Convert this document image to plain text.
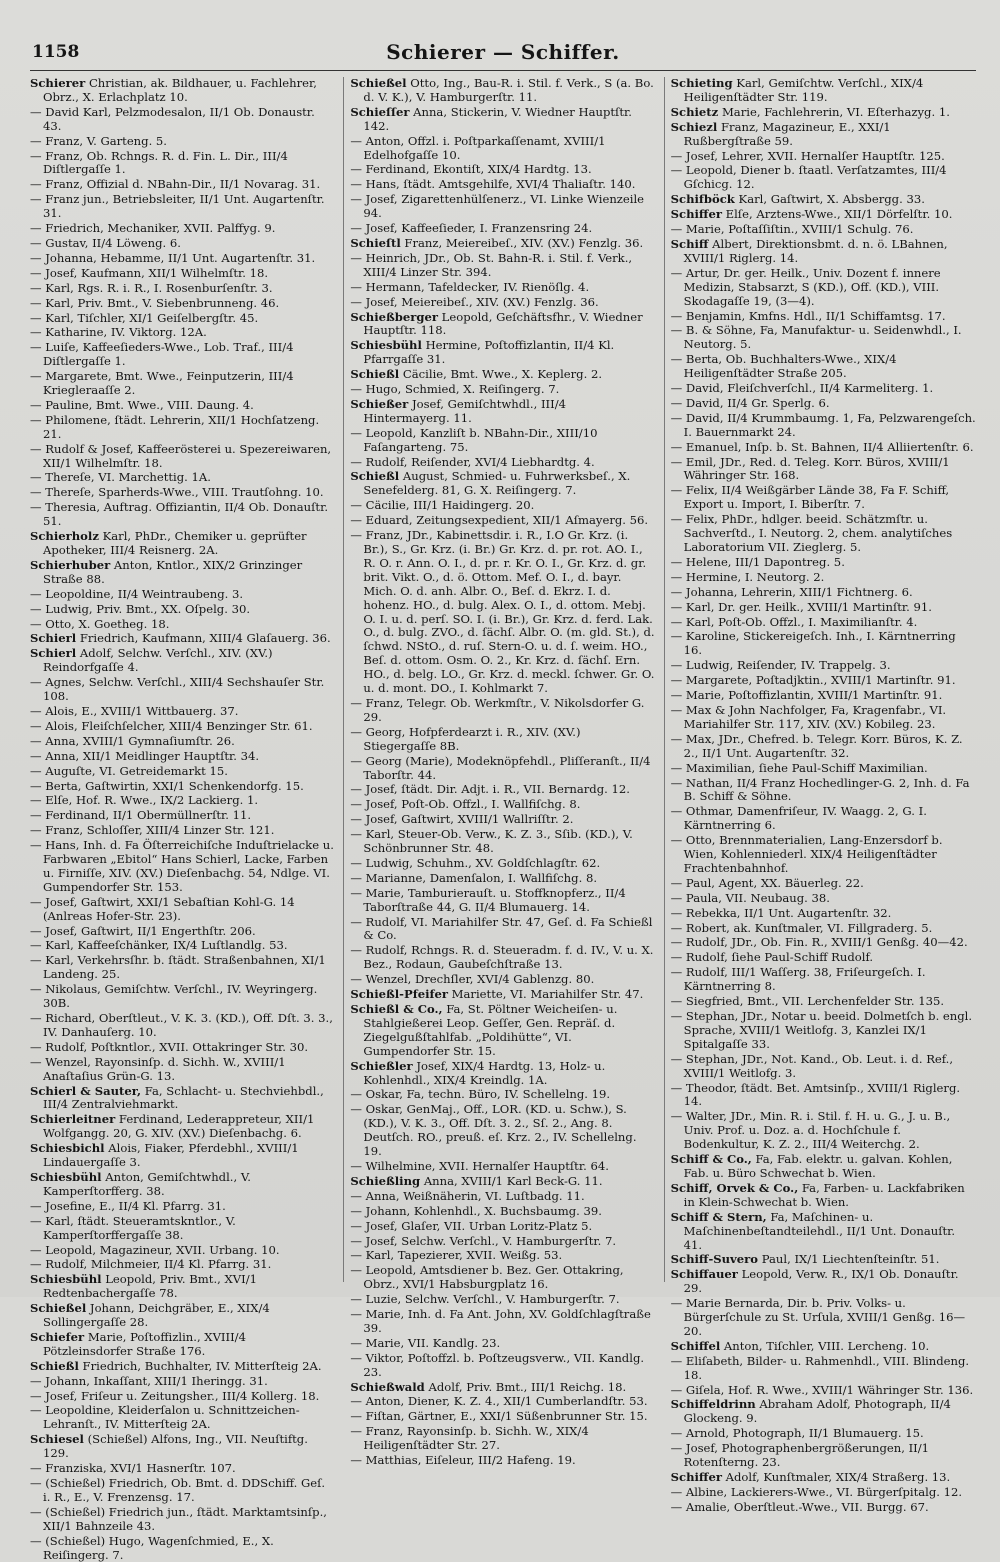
1158	Schierer — Schiffer.

Schierer Christian, ak. Bildhauer, u. Fachlehrer, Obrz., X. Erlachplatz 10.

— David Karl, Pelzmodesalon, II/1 Ob. Donaustr. 43.

— Franz, V. Garteng. 5.

— Franz, Ob. Rchngs. R. d. Fin. L. Dir., III/4 Diſtlergaſſe 1.

— Franz, Offizial d. NBahn-Dir., II/1 Novarag. 31.

— Franz jun., Betriebsleiter, II/1 Unt. Augartenſtr. 31.

— Friedrich, Mechaniker, XVII. Palffyg. 9.

— Gustav, II/4 Löweng. 6.

— Johanna, Hebamme, II/1 Unt. Augartenſtr. 31.

— Josef, Kaufmann, XII/1 Wilhelmſtr. 18.

— Karl, Rgs. R. i. R., I. Rosenburſenſtr. 3.

— Karl, Priv. Bmt., V. Siebenbrunneng. 46.

— Karl, Tiſchler, XI/1 Geiſelbergſtr. 45.

— Katharine, IV. Viktorg. 12A.

— Luiſe, Kaffeeſieders-Wwe., Lob. Traf., III/4 Diſtlergaſſe 1.

— Margarete, Bmt. Wwe., Feinputzerin, III/4 Kriegleraaſſe 2.

— Pauline, Bmt. Wwe., VIII. Daung. 4.

— Philomene, ſtädt. Lehrerin, XII/1 Hochſatzeng. 21.

— Rudolf & Josef, Kaffeerösterei u. Spezereiwaren, XII/1 Wilhelmſtr. 18.

— Thereſe, VI. Marchettig. 1A.

— Thereſe, Sparherds-Wwe., VIII. Trautſohng. 10.

— Theresia, Auftrag. Offiziantin, II/4 Ob. Donauſtr. 51.

Schierholz Karl, PhDr., Chemiker u. geprüfter Apotheker, III/4 Reisnerg. 2A.

Schierhuber Anton, Kntlor., XIX/2 Grinzinger Straße 88.

— Leopoldine, II/4 Weintraubeng. 3.

— Ludwig, Priv. Bmt., XX. Oſpelg. 30.

— Otto, X. Goetheg. 18.

Schierl Friedrich, Kaufmann, XIII/4 Glaſauerg. 36.

Schierl Adolf, Selchw. Verſchl., XIV. (XV.) Reindorfgaſſe 4.

— Agnes, Selchw. Verſchl., XIII/4 Sechshauſer Str. 108.

— Alois, E., XVIII/1 Wittbauerg. 37.

— Alois, Fleiſchſelcher, XIII/4 Benzinger Str. 61.

— Anna, XVIII/1 Gymnaſiumſtr. 26.

— Anna, XII/1 Meidlinger Hauptſtr. 34.

— Auguſte, VI. Getreidemarkt 15.

— Berta, Gaſtwirtin, XXI/1 Schenkendorfg. 15.

— Elſe, Hof. R. Wwe., IX/2 Lackierg. 1.

— Ferdinand, II/1 Obermüllnerſtr. 11.

— Franz, Schloſſer, XIII/4 Linzer Str. 121.

— Hans, Inh. d. Fa Öſterreichiſche Induſtrielacke u. Farbwaren „Ebitol“ Hans Schierl, Lacke, Farben u. Firniſſe, XIV. (XV.) Dieſenbachg. 54, Ndlge. VI. Gumpendorfer Str. 153.

— Josef, Gaſtwirt, XXI/1 Sebaſtian Kohl-G. 14 (Anlreas Hofer-Str. 23).

— Josef, Gaſtwirt, II/1 Engerthſtr. 206.

— Karl, Kaffeeſchänker, IX/4 Luſtlandlg. 53.

— Karl, Verkehrsſhr. b. ſtädt. Straßenbahnen, XI/1 Landeng. 25.

— Nikolaus, Gemiſchtw. Verſchl., IV. Weyringerg. 30B.

— Richard, Oberſtleut., V. K. 3. (KD.), Off. Dſt. 3. 3., IV. Danhauſerg. 10.

— Rudolf, Poſtkntlor., XVII. Ottakringer Str. 30.

— Wenzel, Rayonsinſp. d. Sichh. W., XVIII/1 Anaſtaſius Grün-G. 13.

Schierl & Sauter, Fa, Schlacht- u. Stechviehbdl., III/4 Zentralviehmarkt.

Schierleitner Ferdinand, Lederappreteur, XII/1 Wolfgangg. 20, G. XIV. (XV.) Dieſenbachg. 6.

Schiesbichl Alois, Fiaker, Pferdebhl., XVIII/1 Lindauergaſſe 3.

Schiesbühl Anton, Gemiſchtwhdl., V. Kamperſtorfferg. 38.

— Josefine, E., II/4 Kl. Pfarrg. 31.

— Karl, ſtädt. Steueramtskntlor., V. Kamperſtorffergaſſe 38.

— Leopold, Magazineur, XVII. Urbang. 10.

— Rudolf, Milchmeier, II/4 Kl. Pfarrg. 31.

Schiesbühl Leopold, Priv. Bmt., XVI/1 Redtenbachergaſſe 78.

Schießel Johann, Deichgräber, E., XIX/4 Sollingergaſſe 28.

Schiefer Marie, Poſtoffizlin., XVIII/4 Pötzleinsdorfer Straße 176.

Schießl Friedrich, Buchhalter, IV. Mitterſteig 2A.

— Johann, Inkaſſant, XIII/1 Iheringg. 31.

— Josef, Friſeur u. Zeitungsher., III/4 Kollerg. 18.

— Leopoldine, Kleiderſalon u. Schnittzeichen-Lehranſt., IV. Mitterſteig 2A.

Schiesel (Schießel) Alfons, Ing., VII. Neuſtiftg. 129.

— Franziska, XVI/1 Hasnerſtr. 107.

— (Schießel) Friedrich, Ob. Bmt. d. DDSchiff. Geſ. i. R., E., V. Frenzensg. 17.

— (Schießel) Friedrich jun., ſtädt. Marktamtsinſp., XII/1 Bahnzeile 43.

— (Schießel) Hugo, Wagenſchmied, E., X. Reiſingerg. 7.

Schießel Otto, Ing., Bau-R. i. Stil. f. Verk., S (a. Bo. d. V. K.), V. Hamburgerſtr. 11.

Schieſſer Anna, Stickerin, V. Wiedner Hauptſtr. 142.

— Anton, Offzl. i. Poſtparkaſſenamt, XVIII/1 Edelhofgaſſe 10.

— Ferdinand, Ekontiſt, XIX/4 Hardtg. 13.

— Hans, ſtädt. Amtsgehilfe, XVI/4 Thaliaſtr. 140.

— Josef, Zigarettenhülſenerz., VI. Linke Wienzeile 94.

— Josef, Kaffeeſieder, I. Franzensring 24.

Schieſtl Franz, Meiereibeſ., XIV. (XV.) Fenzlg. 36.

— Heinrich, JDr., Ob. St. Bahn-R. i. Stil. f. Verk., XIII/4 Linzer Str. 394.

— Hermann, Tafeldecker, IV. Rienöſlg. 4.

— Josef, Meiereibeſ., XIV. (XV.) Fenzlg. 36.

Schießberger Leopold, Geſchäftsfhr., V. Wiedner Hauptſtr. 118.

Schiesbühl Hermine, Poſtoffizlantin, II/4 Kl. Pfarrgaſſe 31.

Schießl Cäcilie, Bmt. Wwe., X. Keplerg. 2.

— Hugo, Schmied, X. Reiſingerg. 7.

Schießer Josef, Gemiſchtwhdl., III/4 Hintermayerg. 11.

— Leopold, Kanzliſt b. NBahn-Dir., XIII/10 Faſangarteng. 75.

— Rudolf, Reiſender, XVI/4 Liebhardtg. 4.

Schießl August, Schmied- u. Fuhrwerksbeſ., X. Senefelderg. 81, G. X. Reiſingerg. 7.

— Cäcilie, III/1 Haidingerg. 20.

— Eduard, Zeitungsexpedient, XII/1 Aſmayerg. 56.

— Franz, JDr., Kabinettsdir. i. R., I.O Gr. Krz. (i. Br.), S., Gr. Krz. (i. Br.) Gr. Krz. d. pr. rot. AO. I., R. O. r. Ann. O. I., d. pr. r. Kr. O. I., Gr. Krz. d. gr. brit. Vikt. O., d. ö. Ottom. Mef. O. I., d. bayr. Mich. O. d. anh. Albr. O., Beſ. d. Ekrz. I. d. hohenz. HO., d. bulg. Alex. O. I., d. ottom. Mebj. O. I. u. d. perſ. SO. I. (i. Br.), Gr. Krz. d. ferd. Lak. O., d. bulg. ZVO., d. ſächſ. Albr. O. (m. gld. St.), d. ſchwd. NStO., d. ruſ. Stern-O. u. d. ſ. weim. HO., Beſ. d. ottom. Osm. O. 2., Kr. Krz. d. ſächſ. Ern. HO., d. belg. LO., Gr. Krz. d. meckl. ſchwer. Gr. O. u. d. mont. DO., I. Kohlmarkt 7.

— Franz, Telegr. Ob. Werkmſtr., V. Nikolsdorfer G. 29.

— Georg, Hofpferdearzt i. R., XIV. (XV.) Stiegergaſſe 8B.

— Georg (Marie), Modeknöpfehdl., Pliſſeranſt., II/4 Taborſtr. 44.

— Josef, ſtädt. Dir. Adjt. i. R., VII. Bernardg. 12.

— Josef, Poſt-Ob. Offzl., I. Wallfiſchg. 8.

— Josef, Gaſtwirt, XVIII/1 Wallriſſtr. 2.

— Karl, Steuer-Ob. Verw., K. Z. 3., Sſib. (KD.), V. Schönbrunner Str. 48.

— Ludwig, Schuhm., XV. Goldſchlagſtr. 62.

— Marianne, Damenſalon, I. Wallfiſchg. 8.

— Marie, Tamburierauſt. u. Stoffknopferz., II/4 Taborſtraße 44, G. II/4 Blumauerg. 14.

— Rudolf, VI. Mariahilfer Str. 47, Geſ. d. Fa Schießl & Co.

— Rudolf, Rchngs. R. d. Steueradm. f. d. IV., V. u. X. Bez., Rodaun, Gaubeſchſtraße 13.

— Wenzel, Drechſler, XVI/4 Gablenzg. 80.

Schießl-Pfeifer Mariette, VI. Mariahilfer Str. 47.

Schießl & Co., Fa, St. Pöltner Weicheiſen- u. Stahlgießerei Leop. Geſſer, Gen. Repräſ. d. Ziegelgußſtahlfab. „Poldihütte“, VI. Gumpendorfer Str. 15.

Schießler Josef, XIX/4 Hardtg. 13, Holz- u. Kohlenhdl., XIX/4 Kreindlg. 1A.

— Oskar, Fa, techn. Büro, IV. Schellelng. 19.

— Oskar, GenMaj., Off., LOR. (KD. u. Schw.), S. (KD.), V. K. 3., Off. Dſt. 3. 2., Sſ. 2., Ang. 8. Deutſch. RO., preuß. eſ. Krz. 2., IV. Schellelng. 19.

— Wilhelmine, XVII. Hernalſer Hauptſtr. 64.

Schießling Anna, XVIII/1 Karl Beck-G. 11.

— Anna, Weißnäherin, VI. Luſtbadg. 11.

— Johann, Kohlenhdl., X. Buchsbaumg. 39.

— Josef, Glaſer, VII. Urban Loritz-Platz 5.

— Josef, Selchw. Verſchl., V. Hamburgerſtr. 7.

— Karl, Tapezierer, XVII. Weißg. 53.

— Leopold, Amtsdiener b. Bez. Ger. Ottakring, Obrz., XVI/1 Habsburgplatz 16.

— Luzie, Selchw. Verſchl., V. Hamburgerſtr. 7.

— Marie, Inh. d. Fa Ant. John, XV. Goldſchlagſtraße 39.

— Marie, VII. Kandlg. 23.

— Viktor, Poſtoffzl. b. Poſtzeugsverw., VII. Kandlg. 23.

Schießwald Adolf, Priv. Bmt., III/1 Reichg. 18.

— Anton, Diener, K. Z. 4., XII/1 Cumberlandſtr. 53.

— Fiſtan, Gärtner, E., XXI/1 Süßenbrunner Str. 15.

— Franz, Rayonsinſp. b. Sichh. W., XIX/4 Heiligenſtädter Str. 27.

— Matthias, Eiſeleur, III/2 Hafeng. 19.

Schieting Karl, Gemiſchtw. Verſchl., XIX/4 Heiligenſtädter Str. 119.

Schietz Marie, Fachlehrerin, VI. Eſterhazyg. 1.

Schiezl Franz, Magazineur, E., XXI/1 Rußbergſtraße 59.

— Josef, Lehrer, XVII. Hernalſer Hauptſtr. 125.

— Leopold, Diener b. ſtaatl. Verſatzamtes, III/4 Gſchicg. 12.

Schifböck Karl, Gaſtwirt, X. Absbergg. 33.

Schiffer Elſe, Arztens-Wwe., XII/1 Dörfelſtr. 10.

— Marie, Poſtaſſiſtin., XVIII/1 Schulg. 76.

Schiff Albert, Direktionsbmt. d. n. ö. LBahnen, XVIII/1 Riglerg. 14.

— Artur, Dr. ger. Heilk., Univ. Dozent f. innere Medizin, Stabsarzt, S (KD.), Off. (KD.), VIII. Skodagaſſe 19, (3—4).

— Benjamin, Kmfns. Hdl., II/1 Schiffamtsg. 17.

— B. & Söhne, Fa, Manufaktur- u. Seidenwhdl., I. Neutorg. 5.

— Berta, Ob. Buchhalters-Wwe., XIX/4 Heiligenſtädter Straße 205.

— David, Fleiſchverſchl., II/4 Karmeliterg. 1.

— David, II/4 Gr. Sperlg. 6.

— David, II/4 Krummbaumg. 1, Fa, Pelzwarengeſch. I. Bauernmarkt 24.

— Emanuel, Inſp. b. St. Bahnen, II/4 Alliiertenſtr. 6.

— Emil, JDr., Red. d. Teleg. Korr. Büros, XVIII/1 Währinger Str. 168.

— Felix, II/4 Weißgärber Lände 38, Fa F. Schiff, Export u. Import, I. Biberſtr. 7.

— Felix, PhDr., hdlger. beeid. Schätzmſtr. u. Sachverſtd., I. Neutorg. 2, chem. analytiſches Laboratorium VII. Zieglerg. 5.

— Helene, III/1 Dapontreg. 5.

— Hermine, I. Neutorg. 2.

— Johanna, Lehrerin, XIII/1 Fichtnerg. 6.

— Karl, Dr. ger. Heilk., XVIII/1 Martinſtr. 91.

— Karl, Poſt-Ob. Offzl., I. Maximilianſtr. 4.

— Karoline, Stickereigeſch. Inh., I. Kärntnerring 16.

— Ludwig, Reiſender, IV. Trappelg. 3.

— Margarete, Poſtadjktin., XVIII/1 Martinſtr. 91.

— Marie, Poſtoffizlantin, XVIII/1 Martinſtr. 91.

— Max & John Nachfolger, Fa, Kragenfabr., VI. Mariahilfer Str. 117, XIV. (XV.) Kobileg. 23.

— Max, JDr., Chefred. b. Telegr. Korr. Büros, K. Z. 2., II/1 Unt. Augartenſtr. 32.

— Maximilian, ſiehe Paul-Schiff Maximilian.

— Nathan, II/4 Franz Hochedlinger-G. 2, Inh. d. Fa B. Schiff & Söhne.

— Othmar, Damenfriſeur, IV. Waagg. 2, G. I. Kärntnerring 6.

— Otto, Brennmaterialien, Lang-Enzersdorf b. Wien, Kohlenniederl. XIX/4 Heiligenſtädter Frachtenbahnhof.

— Paul, Agent, XX. Bäuerleg. 22.

— Paula, VII. Neubaug. 38.

— Rebekka, II/1 Unt. Augartenſtr. 32.

— Robert, ak. Kunſtmaler, VI. Fillgraderg. 5.

— Rudolf, JDr., Ob. Fin. R., XVIII/1 Genßg. 40—42.

— Rudolf, ſiehe Paul-Schiff Rudolf.

— Rudolf, III/1 Waſſerg. 38, Friſeurgeſch. I. Kärntnerring 8.

— Siegfried, Bmt., VII. Lerchenfelder Str. 135.

— Stephan, JDr., Notar u. beeid. Dolmetſch b. engl. Sprache, XVIII/1 Weitlofg. 3, Kanzlei IX/1 Spitalgaſſe 33.

— Stephan, JDr., Not. Kand., Ob. Leut. i. d. Ref., XVIII/1 Weitlofg. 3.

— Theodor, ſtädt. Bet. Amtsinſp., XVIII/1 Riglerg. 14.

— Walter, JDr., Min. R. i. Stil. f. H. u. G., J. u. B., Univ. Prof. u. Doz. a. d. Hochſchule f. Bodenkultur, K. Z. 2., III/4 Weiterchg. 2.

Schiff & Co., Fa, Fab. elektr. u. galvan. Kohlen, Fab. u. Büro Schwechat b. Wien.

Schiff, Orvek & Co., Fa, Farben- u. Lackfabriken in Klein-Schwechat b. Wien.

Schiff & Stern, Fa, Maſchinen- u. Maſchinenbeſtandteilehdl., II/1 Unt. Donauſtr. 41.

Schiff-Suvero Paul, IX/1 Liechtenſteinſtr. 51.

Schiffauer Leopold, Verw. R., IX/1 Ob. Donauſtr. 29.

— Marie Bernarda, Dir. b. Priv. Volks- u. Bürgerſchule zu St. Urſula, XVIII/1 Genßg. 16—20.

Schiffel Anton, Tiſchler, VIII. Lercheng. 10.

— Eliſabeth, Bilder- u. Rahmenhdl., VIII. Blindeng. 18.

— Giſela, Hof. R. Wwe., XVIII/1 Währinger Str. 136.

Schiffeldrinn Abraham Adolf, Photograph, II/4 Glockeng. 9.

— Arnold, Photograph, II/1 Blumauerg. 15.

— Josef, Photographenbergrößerungen, II/1 Rotenſterng. 23.

Schiffer Adolf, Kunſtmaler, XIX/4 Straßerg. 13.

— Albine, Lackierers-Wwe., VI. Bürgerſpitalg. 12.

— Amalie, Oberſtleut.-Wwe., VII. Burgg. 67.
